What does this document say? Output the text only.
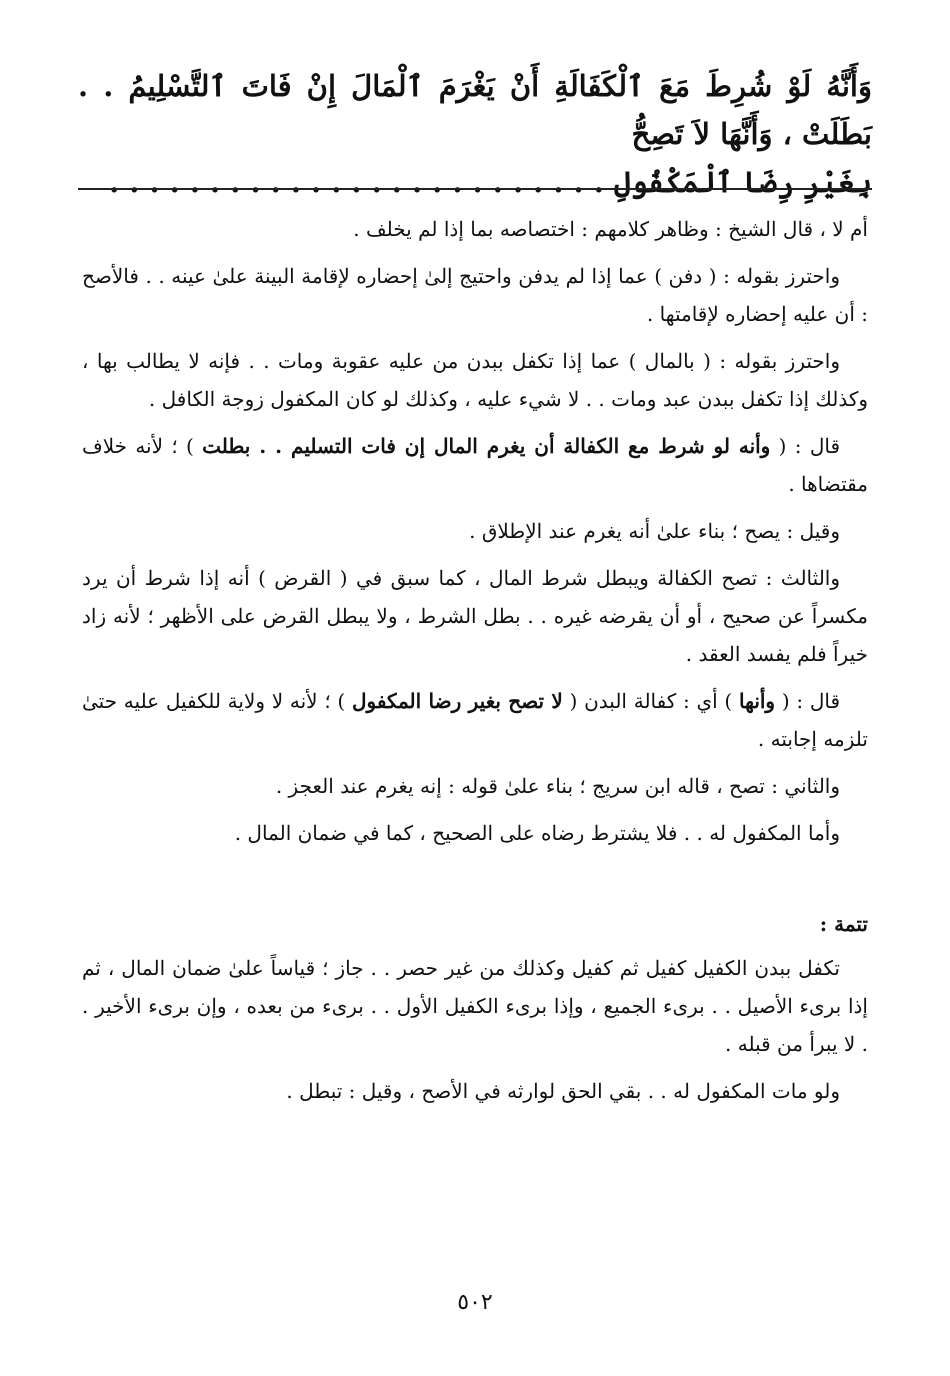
وَأَنَّهُ لَوْ شُرِطَ مَعَ ٱلْكَفَالَةِ أَنْ يَغْرَمَ ٱلْمَالَ إِنْ فَاتَ ٱلتَّسْلِيمُ . . بَطَلَتْ ، وَأَنَّهَا لاَ تَصِحُّ
بِغَيْرِ رِضَا ٱلْمَكْفُولِ . . . . . . . . . . . . . . . . . . . . . . . . .

أم لا ، قال الشيخ : وظاهر كلامهم : اختصاصه بما إذا لم يخلف .

واحترز بقوله : ( دفن ) عما إذا لم يدفن واحتيج إلىٰ إحضاره لإقامة البينة علىٰ عينه . . فالأصح : أن عليه إحضاره لإقامتها .

واحترز بقوله : ( بالمال ) عما إذا تكفل ببدن من عليه عقوبة ومات . . فإنه لا يطالب بها ، وكذلك إذا تكفل ببدن عبد ومات . . لا شيء عليه ، وكذلك لو كان المكفول زوجة الكافل .

قال : ( وأنه لو شرط مع الكفالة أن يغرم المال إن فات التسليم . . بطلت ) ؛ لأنه خلاف مقتضاها .

وقيل : يصح ؛ بناء علىٰ أنه يغرم عند الإطلاق .

والثالث : تصح الكفالة ويبطل شرط المال ، كما سبق في ( القرض ) أنه إذا شرط أن يرد مكسراً عن صحيح ، أو أن يقرضه غيره . . بطل الشرط ، ولا يبطل القرض على الأظهر ؛ لأنه زاد خيراً فلم يفسد العقد .

قال : ( وأنها ) أي : كفالة البدن ( لا تصح بغير رضا المكفول ) ؛ لأنه لا ولاية للكفيل عليه حتىٰ تلزمه إجابته .

والثاني : تصح ، قاله ابن سريج ؛ بناء علىٰ قوله : إنه يغرم عند العجز .

وأما المكفول له . . فلا يشترط رضاه على الصحيح ، كما في ضمان المال .

تتمة :

تكفل ببدن الكفيل كفيل ثم كفيل وكذلك من غير حصر . . جاز ؛ قياساً علىٰ ضمان المال ، ثم إذا برىء الأصيل . . برىء الجميع ، وإذا برىء الكفيل الأول . . برىء من بعده ، وإن برىء الأخير . . لا يبرأ من قبله .

ولو مات المكفول له . . بقي الحق لوارثه في الأصح ، وقيل : تبطل .

٥٠٢
